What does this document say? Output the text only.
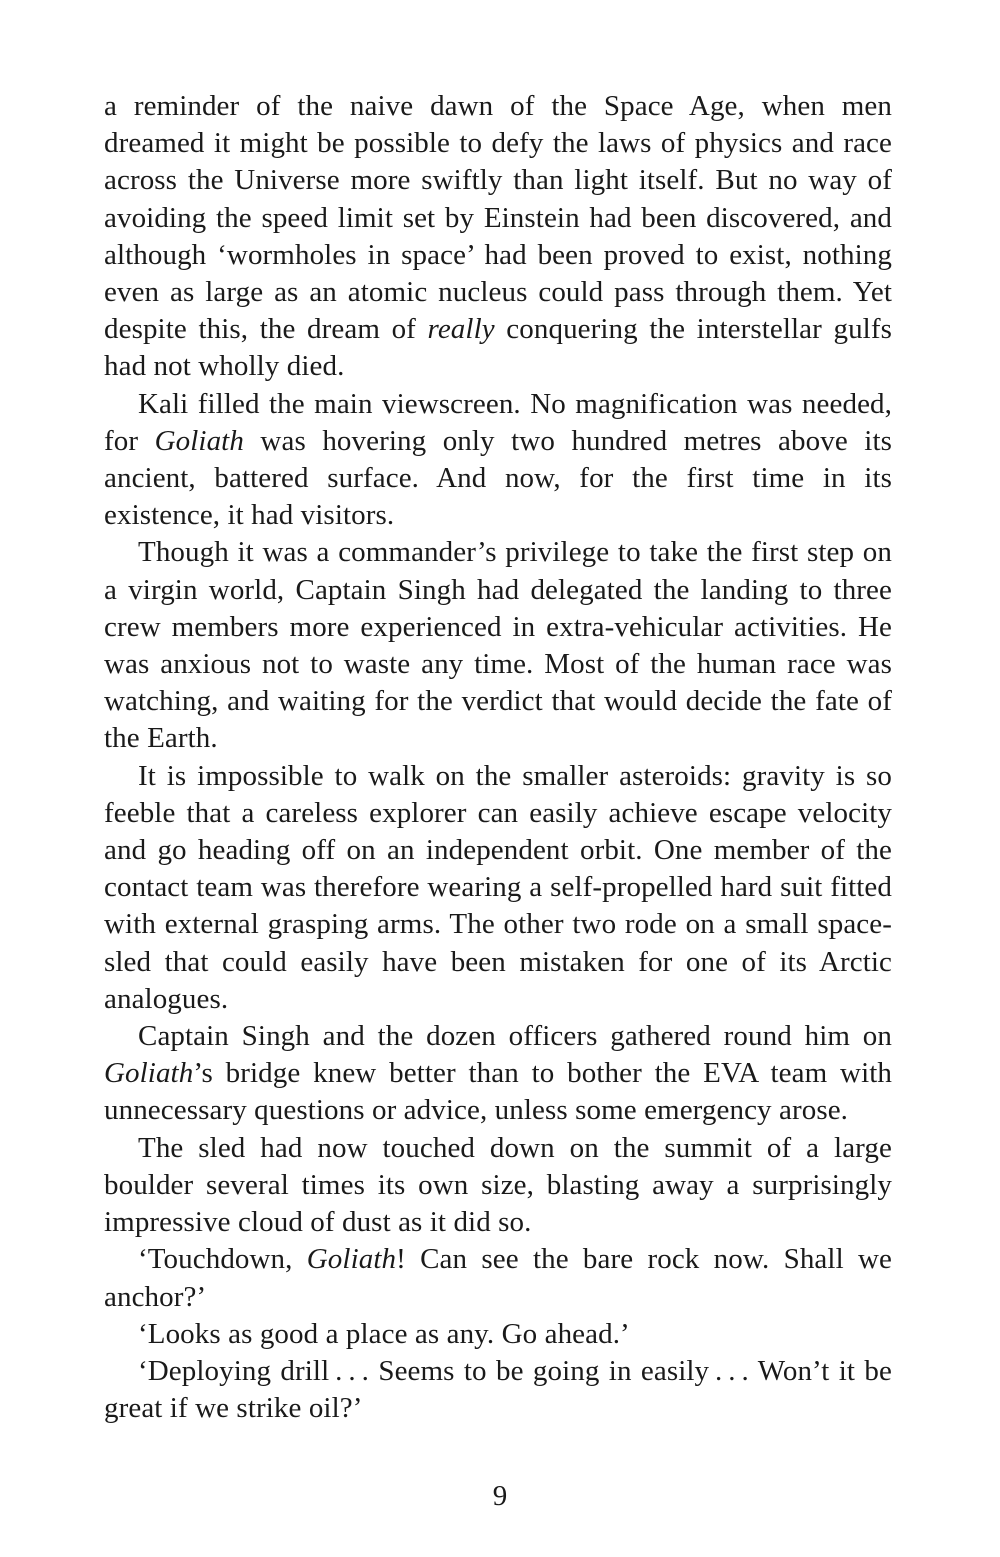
a reminder of the naive dawn of the Space Age, when men dreamed it might be possible to defy the laws of physics and race across the Universe more swiftly than light itself. But no way of avoiding the speed limit set by Einstein had been discovered, and although ‘wormholes in space’ had been proved to exist, nothing even as large as an atomic nucleus could pass through them. Yet despite this, the dream of really conquering the interstellar gulfs had not wholly died.

Kali filled the main viewscreen. No magnification was needed, for Goliath was hovering only two hundred metres above its ancient, battered surface. And now, for the first time in its existence, it had visitors.

Though it was a commander’s privilege to take the first step on a virgin world, Captain Singh had delegated the landing to three crew members more experienced in extra-vehicular activities. He was anxious not to waste any time. Most of the human race was watching, and waiting for the verdict that would decide the fate of the Earth.

It is impossible to walk on the smaller asteroids: gravity is so feeble that a careless explorer can easily achieve escape velocity and go heading off on an independent orbit. One member of the contact team was therefore wearing a self-propelled hard suit fitted with external grasping arms. The other two rode on a small space-sled that could easily have been mistaken for one of its Arctic analogues.

Captain Singh and the dozen officers gathered round him on Goliath’s bridge knew better than to bother the EVA team with unnecessary questions or advice, unless some emergency arose.

The sled had now touched down on the summit of a large boulder several times its own size, blasting away a surprisingly impressive cloud of dust as it did so.

‘Touchdown, Goliath! Can see the bare rock now. Shall we anchor?’

‘Looks as good a place as any. Go ahead.’

‘Deploying drill . . . Seems to be going in easily . . . Won’t it be great if we strike oil?’

9
